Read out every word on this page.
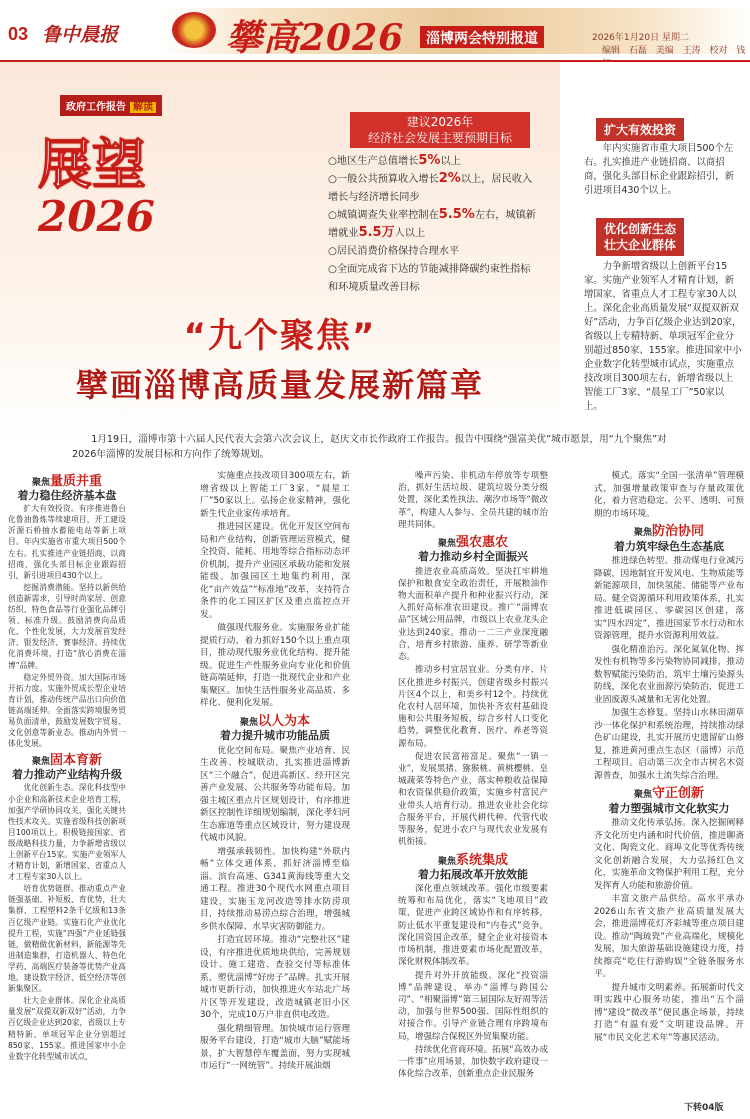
03 鲁中晨报	攀高2026	淄博两会特别报道	2026年1月20日 星期二
编辑 石磊 美编 王涛 校对 钱
政府工作报告 解读
展望
2026
建议2026年
经济社会发展主要预期目标
○地区生产总值增长5%以上
○一般公共预算收入增长2%以上，居民收入
增长与经济增长同步
○城镇调查失业率控制在5.5%左右，城镇新
增就业5.5万人以上
○居民消费价格保持合理水平
○全面完成省下达的节能减排降碳约束性指标
和环境质量改善目标
扩大有效投资
年内实施省市重大项目500个左右。扎实推进产业链招商、以商招商，强化头部目标企业跟踪招引，新引进项目430个以上。
优化创新生态
壮大企业群体
力争新增省级以上创新平台15家。实施产业领军人才精育计划，新增国家、省重点人才工程专家30人以上。深化企业高质量发展“双提双新双好”活动，力争百亿级企业达到20家，省级以上专精特新、单项冠军企业分别超过850家、155家。推进国家中小企业数字化转型城市试点，实施重点技改项目300项左右，新增省级以上智能工厂3家、“晨星工厂”50家以上。
“九个聚焦”
擘画淄博高质量发展新篇章
1月19日，淄博市第十六届人民代表大会第六次会议上，赵庆文市长作政府工作报告。报告中围绕“强富美优”城市愿景，用“九个聚焦”对2026年淄博的发展目标和方向作了统筹规划。
聚焦量质并重
着力稳住经济基本盘

扩大有效投资。有序推进鲁台化鲁油鲁炼等续建项目，开工建设沂源石桥抽水蓄能电站等新上项目。年内实施省市重大项目500个左右。扎实推进产业链招商、以商招商，强化头部目标企业跟踪招引，新引进项目430个以上。

挖掘消费潜能。坚持以新供给创造新需求，引导时尚家居、创意纺织、特色食品等行业强化品牌引领、标准升级。鼓励消费向品质化、个性化发展，大力发展首发经济、银发经济、赛事经济。持续优化消费环境，打造“放心消费在淄博”品牌。

稳定外贸外资。加大国际市场开拓力度。实施外贸成长型企业培育计划，推动传统产品出口向价值链高端延伸。全面落实跨境服务贸易负面清单，鼓励发展数字贸易、文化创意等新业态。推动内外贸一体化发展。

聚焦固本育新
着力推动产业结构升级

优化创新生态。深化科技型中小企业和高新技术企业培育工程，加强产学研协同攻关，强化关键共性技术攻关。实施省级科技创新项目100项以上。积极链接国家、省级战略科技力量，力争新增省级以上创新平台15家。实施产业领军人才精育计划，新增国家、省重点人才工程专家30人以上。

培育优势链群。推动重点产业链强基础、补短板、育优势，壮大集群、工程塑料2条千亿级和13条百亿级产业链。实施石化产业优化提升工程，实施“四强”产业延链强链，做精做优新材料，新能源等先进制造集群，打造机器人、特色化学药、高端医疗装备等优势产业高地，建设数字经济、低空经济等创新集聚区。

壮大企业群体。深化企业高质量发展“双提双新双好”活动，力争百亿级企业达到20家，省级以上专精特新、单项冠军企业分别超过850家、155家。推进国家中小企业数字化转型城市试点，

实施重点技改项目300项左右，新增省级以上智能工厂3家、“晨星工厂”50家以上。弘扬企业家精神，强化新生代企业家传承培育。

推进园区建设。优化开发区空间布局和产业结构，创新管理运营模式，健全投资、能耗、用地等综合指标动态评价机制，提升产业园区承载功能和发展能级。加强园区土地集约利用，深化“亩产效益”“标准地”改革，支持符合条件的化工园区扩区及重点监控点开发。

做强现代服务业。实施服务业扩能提质行动，着力抓好150个以上重点项目，推动现代服务业优化结构、提升能级。促进生产性服务业向专业化和价值链高端延伸，打造一批现代企业和产业集聚区。加快生活性服务业高品质、多样化、便利化发展。

聚焦以人为本
着力提升城市功能品质

优化空间布局。聚焦产业培育、民生改善、校城联动，扎实推进淄博新区“三个融合”，促进高新区、经开区完善产业发展、公共服务等功能布局。加强主城区重点片区规划设计，有序推进新区控制性详细规划编制，深化孝妇河生态廊道等重点区域设计，努力建设现代城市风貌。

增强承载韧性。加快构建“外联内畅”立体交通体系，抓好济淄博至临淄、滨台高速、G341黄海线等重大交通工程。推进30个现代水网重点项目建设，实施玉龙河改造等排水防涝项目，持续推动易涝点综合治理，增强城乡供水保障、水旱灾害防御能力。

打造宜居环境。推动“完整社区”建设，有序推进优质地块供给，完善规划设计、施工建造、查验交付等标准体系，塑优淄博“好房子”品牌。扎实开展城市更新行动，加快推进火车站北广场片区等开发建设，改造城镇老旧小区30个，完成10万户非直供电改造。

强化精细管理。加快城市运行管理服务平台建设，打造“城市大脑”赋能场景，扩大智慧停车覆盖面，努力实现城市运行“一网统管”。持续开展油烟

噪声污染、非机动车停放等专项整治，抓好生活垃圾、建筑垃圾分类分级处置，深化柔性执法、潮汐市场等“微改革”，构建人人参与、全员共建的城市治理共同体。

聚焦强农惠农
着力推动乡村全面振兴

推进农业高质高效。坚决扛牢耕地保护和粮食安全政治责任，开展粮油作物大面积单产提升和种业振兴行动，深入抓好高标准农田建设。推广“淄博农品”区域公用品牌，市级以上农业龙头企业达到240家。推动一二三产业深度融合，培育乡村旅游、康养、研学等新业态。

推动乡村宜居宜业。分类有序、片区化推进乡村振兴，创建省级乡村振兴片区4个以上，和美乡村12个。持续优化农村人居环境，加快补齐农村基础设施和公共服务短板，综合乡村人口变化趋势，调整优化教育、医疗、养老等资源布局。

促进农民富裕富足。聚焦“一镇一业”，发展黑猪、猕猴桃、黄桃樱桃、皇城蔬菜等特色产业，落实种粮收益保障和农资保供稳价政策，实施乡村富民产业带头人培育行动。推进农业社会化综合服务平台，开展代耕代种、代管代收等服务，促进小农户与现代农业发展有机衔接。

聚焦系统集成
着力拓展改革开放效能

深化重点领域改革。强化市级要素统筹和布局优化，落实“飞地项目”政策，促进产业跨区域协作和有序转移，防止低水平重复建设和“内卷式”竞争。深化国资国企改革，健全企业对接资本市场机制，推进要素市场化配置改革，深化财税体制改革。

提升对外开放能级。深化“投资淄博”品牌建设，举办“淄博与跨国公司”、“相聚淄博”第三届国际友好周等活动，加强与世界500强、国际性组织的对接合作。引导产业链合理有序跨境布局，增强综合保税区外贸集聚功能。

持续优化营商环境。拓展“高效办成一件事”应用场景，加快数字政府建设一体化综合改革，创新重点企业民服务

模式。落实“全国一张清单”管理模式，加强增量政策审查与存量政策优化，着力营造稳定、公平、透明、可预期的市场环境。

聚焦防治协同
着力筑牢绿色生态基底

推进绿色转型。推动煤电行业减污降碳，因地制宜开发风电、生物质能等新能源项目，加快氢能、储能等产业布局。健全资源循环利用政策体系，扎实推进低碳园区、零碳园区创建，落实“四水四定”，推进国家节水行动和水资源管理，提升水资源利用效益。

强化精准治污。深化氮氧化物、挥发性有机物等多污染物协同减排，推动数智赋能污染防治，筑牢土壤污染源头防线，深化农业面源污染防治，促进工业固废源头减量和无害化处置。

加强生态修复。坚持山水林田湖草沙一体化保护和系统治理，持续推动绿色矿山建设，扎实开展历史遗留矿山修复，推进黄河重点生态区（淄博）示范工程项目。启动第三次全市古树名木资源普查，加强水土流失综合治理。

聚焦守正创新
着力塑强城市文化软实力

推动文化传承弘扬。深入挖掘阐释齐文化历史内涵和时代价值，推进聊斋文化、陶瓷文化、商埠文化等优秀传统文化创新融合发展，大力弘扬红色文化，实施革命文物保护利用工程，充分发挥育人功能和旅游价值。

丰富文旅产品供给。高水平承办2026山东省文旅产业高质量发展大会，推进淄博花灯齐彩城等重点项目建设。推动“陶琉瓷”产业高端化，规模化发展，加大旅游基础设施建设力度，持续擦亮“吃住行游购娱”全链条服务水平。

提升城市文明素养。拓展新时代文明实践中心服务功能，推出“五个淄博”建设“微改革”便民惠企场景，持续打造“有温有爱”文明建设品牌。开展“市民文化艺术年”等惠民活动。

下转04版
